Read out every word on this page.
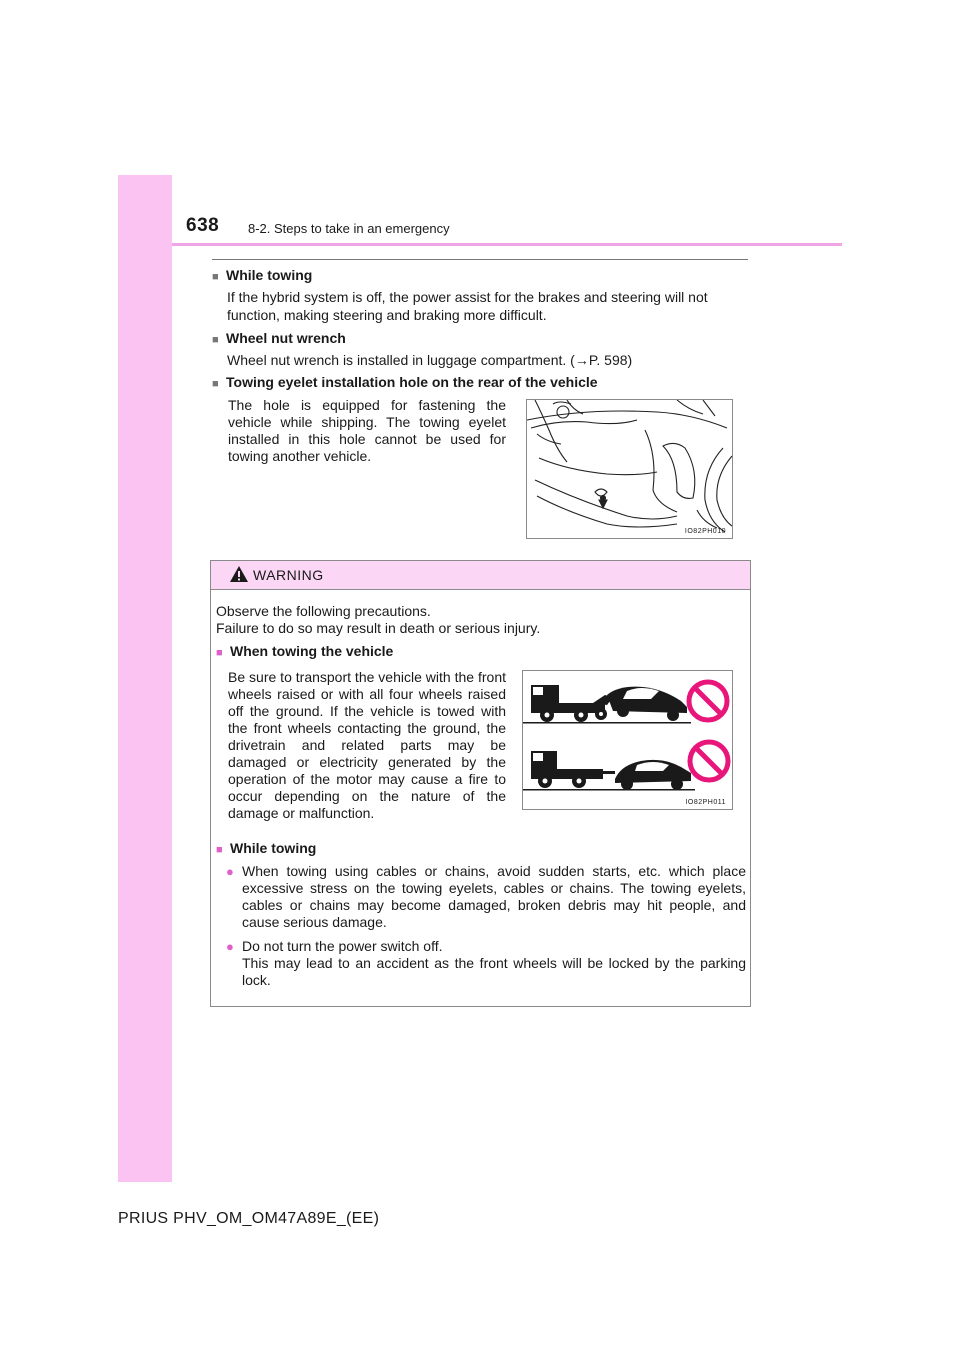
638 8-2. Steps to take in an emergency
■ While towing
If the hybrid system is off, the power assist for the brakes and steering will not function, making steering and braking more difficult.
■ Wheel nut wrench
Wheel nut wrench is installed in luggage compartment. (→P. 598)
■ Towing eyelet installation hole on the rear of the vehicle
The hole is equipped for fastening the vehicle while shipping. The towing eyelet installed in this hole cannot be used for towing another vehicle.
IO82PH010
WARNING
Observe the following precautions.
Failure to do so may result in death or serious injury.
■ When towing the vehicle
Be sure to transport the vehicle with the front wheels raised or with all four wheels raised off the ground. If the vehicle is towed with the front wheels contacting the ground, the drivetrain and related parts may be damaged or electricity generated by the operation of the motor may cause a fire to occur depending on the nature of the damage or malfunction.
IO82PH011
■ While towing
● When towing using cables or chains, avoid sudden starts, etc. which place excessive stress on the towing eyelets, cables or chains. The towing eyelets, cables or chains may become damaged, broken debris may hit people, and cause serious damage.
● Do not turn the power switch off.
This may lead to an accident as the front wheels will be locked by the parking lock.
PRIUS PHV_OM_OM47A89E_(EE)
